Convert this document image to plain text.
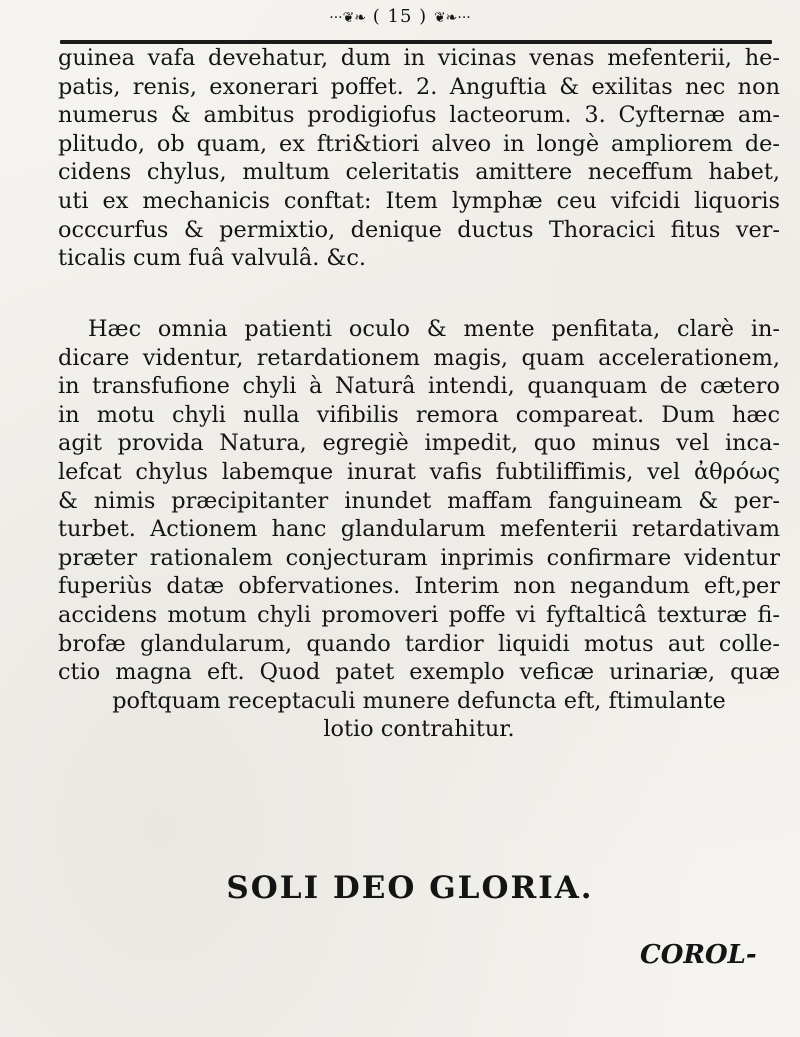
···❦❧ ( 15 ) ❦❧···
guinea vafa devehatur, dum in vicinas venas mefenterii, he-
patis, renis, exonerari poffet. 2. Anguftia & exilitas nec non
numerus & ambitus prodigiofus lacteorum. 3. Cyfternæ am-
plitudo, ob quam, ex ftri&tiori alveo in longè ampliorem de-
cidens chylus, multum celeritatis amittere neceffum habet,
uti ex mechanicis conftat: Item lymphæ ceu vifcidi liquoris
occcurfus & permixtio, denique ductus Thoracici fitus ver-
ticalis cum fuâ valvulâ. &c.
Hæc omnia patienti oculo & mente penfitata, clarè in-
dicare videntur, retardationem magis, quam accelerationem,
in transfufione chyli à Naturâ intendi, quanquam de cætero
in motu chyli nulla vifibilis remora compareat. Dum hæc
agit provida Natura, egregiè impedit, quo minus vel inca-
lefcat chylus labemque inurat vafis fubtiliffimis, vel ἀθρόως
& nimis præcipitanter inundet maffam fanguineam & per-
turbet. Actionem hanc glandularum mefenterii retardativam
præter rationalem conjecturam inprimis confirmare videntur
fuperiùs datæ obfervationes. Interim non negandum eft,per
accidens motum chyli promoveri poffe vi fyftalticâ texturæ fi-
brofæ glandularum, quando tardior liquidi motus aut colle-
ctio magna eft. Quod patet exemplo veficæ urinariæ, quæ
poftquam receptaculi munere defuncta eft, ftimulante
lotio contrahitur.
SOLI DEO GLORIA.
COROL-
